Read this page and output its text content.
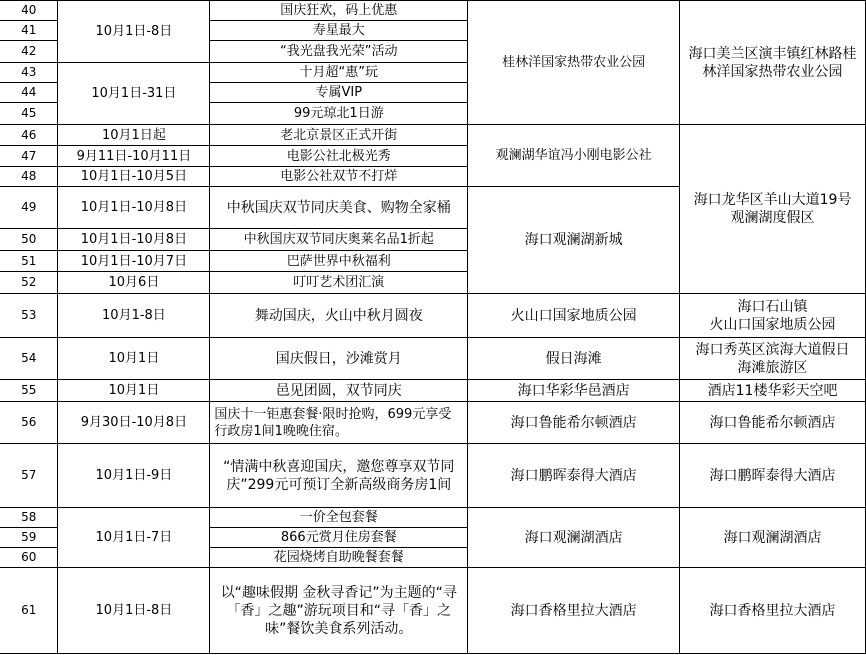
40	10月1日-8日	国庆狂欢，码上优惠	桂林洋国家热带农业公园	海口美兰区演丰镇红林路桂林洋国家热带农业公园
41		寿星最大		
42		“我光盘我光荣”活动		
43	10月1日-31日	十月超“惠”玩		
44		专属VIP		
45		99元琼北1日游		
46	10月1日起	老北京景区正式开街	观澜湖华谊冯小刚电影公社	海口龙华区羊山大道19号观澜湖度假区
47	9月11日-10月11日	电影公社北极光秀		
48	10月1日-10月5日	电影公社双节不打烊		
49	10月1日-10月8日	中秋国庆双节同庆美食、购物全家桶	海口观澜湖新城	
50	10月1日-10月8日	中秋国庆双节同庆奥莱名品1折起		
51	10月1日-10月7日	巴萨世界中秋福利		
52	10月6日	叮叮艺术团汇演		
53	10月1-8日	舞动国庆，火山中秋月圆夜	火山口国家地质公园	海口石山镇
火山口国家地质公园
54	10月1日	国庆假日，沙滩赏月	假日海滩	海口秀英区滨海大道假日海滩旅游区
55	10月1日	邑见团圆，双节同庆	海口华彩华邑酒店	酒店11楼华彩天空吧
56	9月30日-10月8日	国庆十一钜惠套餐·限时抢购，699元享受行政房1间1晚晚住宿。	海口鲁能希尔顿酒店	海口鲁能希尔顿酒店
57	10月1日-9日	“情满中秋喜迎国庆，邀您尊享双节同庆”299元可预订全新高级商务房1间	海口鹏晖泰得大酒店	海口鹏晖泰得大酒店
58	10月1日-7日	一价全包套餐	海口观澜湖酒店	海口观澜湖酒店
59		866元赏月住房套餐		
60		花园烧烤自助晚餐套餐		
61	10月1日-8日	以“趣味假期 金秋寻香记”为主题的“寻「香」之趣”游玩项目和“寻「香」之味”餐饮美食系列活动。	海口香格里拉大酒店	海口香格里拉大酒店
